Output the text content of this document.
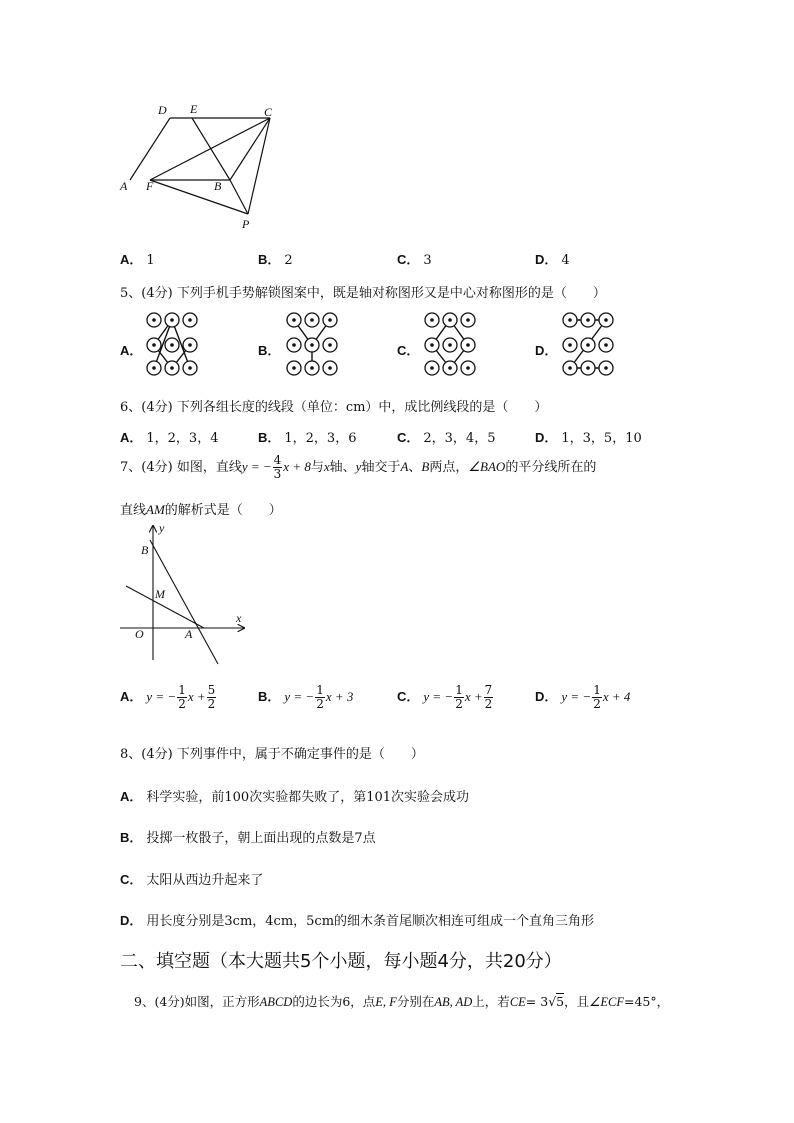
D E	C
A F	B
P
A． 1	B． 2	C． 3	D． 4
5、(4分) 下列手机手势解锁图案中，既是轴对称图形又是中心对称图形的是（　　）
A．	B．	C．	D．
6、(4分) 下列各组长度的线段（单位：cm）中，成比例线段的是（　　）
A． 1，2，3，4	B． 1，2，3，6	C． 2，3，4，5	D． 1，3，5，10
7、(4分) 如图，直线y = − $\frac{4}{3}$ x + 8与x轴、y轴交于A、B两点，∠BAO的平分线所在的
直线AM的解析式是（　　）
y
B
M
x
O	A
A． y = − $\frac{1}{2}$ $x + \frac{5}{2}$	B． y = − $\frac{1}{2}$ x + 3	C． y = − $\frac{1}{2}$ $x + \frac{7}{2}$	D． y = − $\frac{1}{2}$ x + 4
8、(4分) 下列事件中，属于不确定事件的是（　　）
A． 科学实验，前100次实验都失败了，第101次实验会成功
B． 投掷一枚骰子，朝上面出现的点数是7点
C． 太阳从西边升起来了
D． 用长度分别是3cm，4cm，5cm的细木条首尾顺次相连可组成一个直角三角形
二、填空题（本大题共5个小题，每小题4分，共20分）
9、(4分)如图，正方形ABCD的边长为6，点E, F分别在AB, AD上，若CE= 3√5，且∠ECF=45°，
